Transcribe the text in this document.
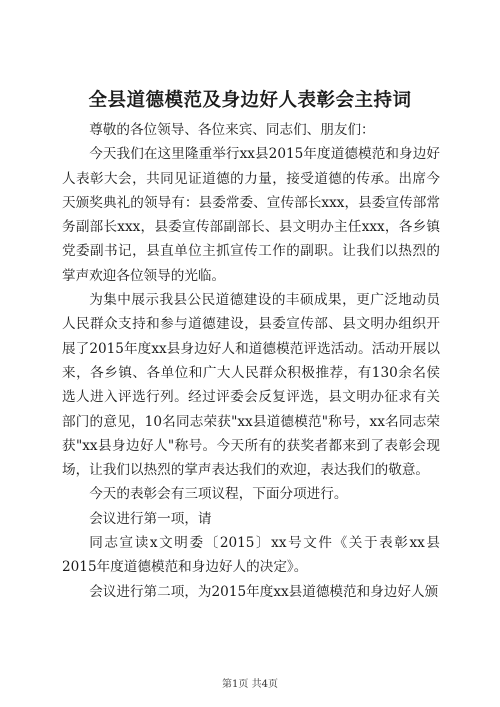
全县道德模范及身边好人表彰会主持词

尊敬的各位领导、各位来宾、同志们、朋友们：

今天我们在这里隆重举行xx县2015年度道德模范和身边好人表彰大会，共同见证道德的力量，接受道德的传承。出席今天颁奖典礼的领导有：县委常委、宣传部长xxx，县委宣传部常务副部长xxx，县委宣传部副部长、县文明办主任xxx，各乡镇党委副书记，县直单位主抓宣传工作的副职。让我们以热烈的掌声欢迎各位领导的光临。

为集中展示我县公民道德建设的丰硕成果，更广泛地动员人民群众支持和参与道德建设，县委宣传部、县文明办组织开展了2015年度xx县身边好人和道德模范评选活动。活动开展以来，各乡镇、各单位和广大人民群众积极推荐，有130余名侯选人进入评选行列。经过评委会反复评选，县文明办征求有关部门的意见，10名同志荣获"xx县道德模范"称号，xx名同志荣获"xx县身边好人"称号。今天所有的获奖者都来到了表彰会现场，让我们以热烈的掌声表达我们的欢迎，表达我们的敬意。

今天的表彰会有三项议程，下面分项进行。

会议进行第一项，请

同志宣读x文明委〔2015〕xx号文件《关于表彰xx县2015年度道德模范和身边好人的决定》。

会议进行第二项，为2015年度xx县道德模范和身边好人颁

第1页 共4页
